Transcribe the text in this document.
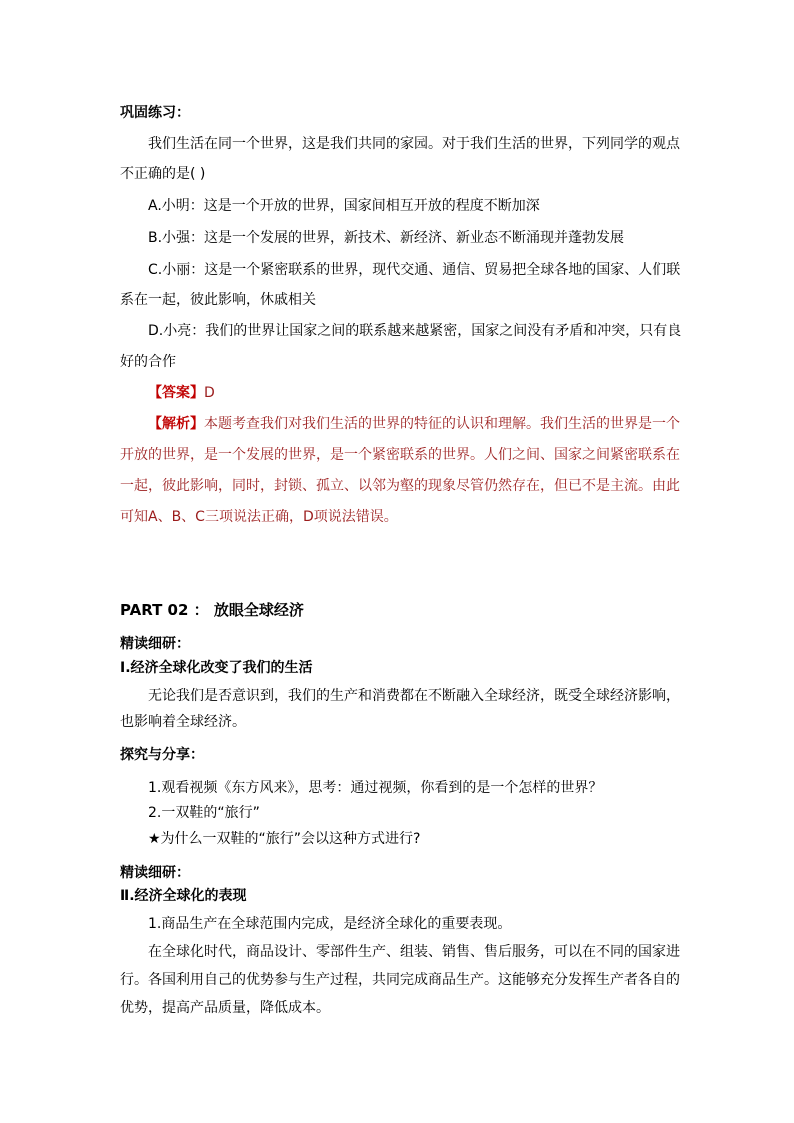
巩固练习：
我们生活在同一个世界，这是我们共同的家园。对于我们生活的世界，下列同学的观点
不正确的是( )
A.小明：这是一个开放的世界，国家间相互开放的程度不断加深
B.小强：这是一个发展的世界，新技术、新经济、新业态不断涌现并蓬勃发展
C.小丽：这是一个紧密联系的世界，现代交通、通信、贸易把全球各地的国家、人们联
系在一起，彼此影响，休戚相关
D.小亮：我们的世界让国家之间的联系越来越紧密，国家之间没有矛盾和冲突，只有良
好的合作
【答案】D
【解析】本题考查我们对我们生活的世界的特征的认识和理解。我们生活的世界是一个
开放的世界，是一个发展的世界，是一个紧密联系的世界。人们之间、国家之间紧密联系在
一起，彼此影响，同时，封锁、孤立、以邻为壑的现象尽管仍然存在，但已不是主流。由此
可知A、B、C三项说法正确，D项说法错误。
PART 02 ： 放眼全球经济
精读细研：
Ⅰ.经济全球化改变了我们的生活
无论我们是否意识到，我们的生产和消费都在不断融入全球经济，既受全球经济影响，
也影响着全球经济。
探究与分享：
1.观看视频《东方风来》，思考：通过视频，你看到的是一个怎样的世界？
2.一双鞋的“旅行”
★为什么一双鞋的“旅行”会以这种方式进行?
精读细研：
Ⅱ.经济全球化的表现
1.商品生产在全球范围内完成，是经济全球化的重要表现。
在全球化时代，商品设计、零部件生产、组装、销售、售后服务，可以在不同的国家进
行。各国利用自己的优势参与生产过程，共同完成商品生产。这能够充分发挥生产者各自的
优势，提高产品质量，降低成本。
